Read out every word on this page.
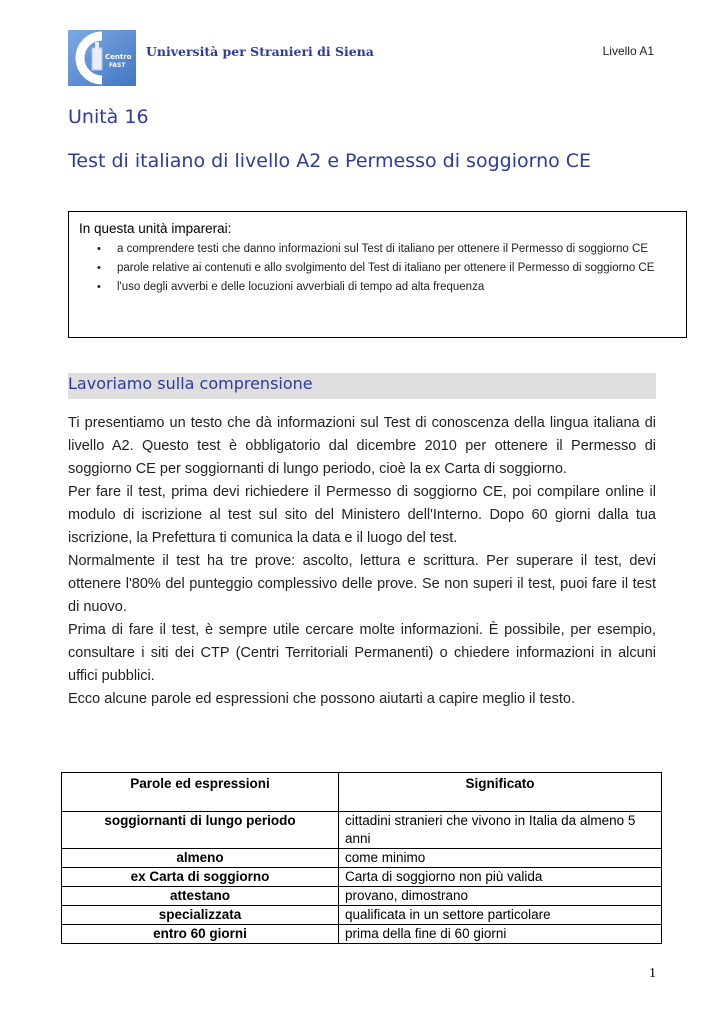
Centro
FAST
Università per Stranieri di Siena	Livello A1
Unità 16
Test di italiano di livello A2 e Permesso di soggiorno CE
In questa unità imparerai:
• a comprendere testi che danno informazioni sul Test di italiano per ottenere il Permesso di soggiorno CE
• parole relative ai contenuti e allo svolgimento del Test di italiano per ottenere il Permesso di soggiorno CE
• l'uso degli avverbi e delle locuzioni avverbiali di tempo ad alta frequenza
Lavoriamo sulla comprensione

Ti presentiamo un testo che dà informazioni sul Test di conoscenza della lingua italiana di livello A2. Questo test è obbligatorio dal dicembre 2010 per ottenere il Permesso di soggiorno CE per soggiornanti di lungo periodo, cioè la ex Carta di soggiorno.

Per fare il test, prima devi richiedere il Permesso di soggiorno CE, poi compilare online il modulo di iscrizione al test sul sito del Ministero dell'Interno. Dopo 60 giorni dalla tua iscrizione, la Prefettura ti comunica la data e il luogo del test.

Normalmente il test ha tre prove: ascolto, lettura e scrittura. Per superare il test, devi ottenere l'80% del punteggio complessivo delle prove. Se non superi il test, puoi fare il test di nuovo.

Prima di fare il test, è sempre utile cercare molte informazioni. È possibile, per esempio, consultare i siti dei CTP (Centri Territoriali Permanenti) o chiedere informazioni in alcuni uffici pubblici.

Ecco alcune parole ed espressioni che possono aiutarti a capire meglio il testo.

Parole ed espressioni	Significato
soggiornanti di lungo periodo	cittadini stranieri che vivono in Italia da almeno 5 anni
almeno	come minimo
ex Carta di soggiorno	Carta di soggiorno non più valida
attestano	provano, dimostrano
specializzata	qualificata in un settore particolare
entro 60 giorni	prima della fine di 60 giorni
1
